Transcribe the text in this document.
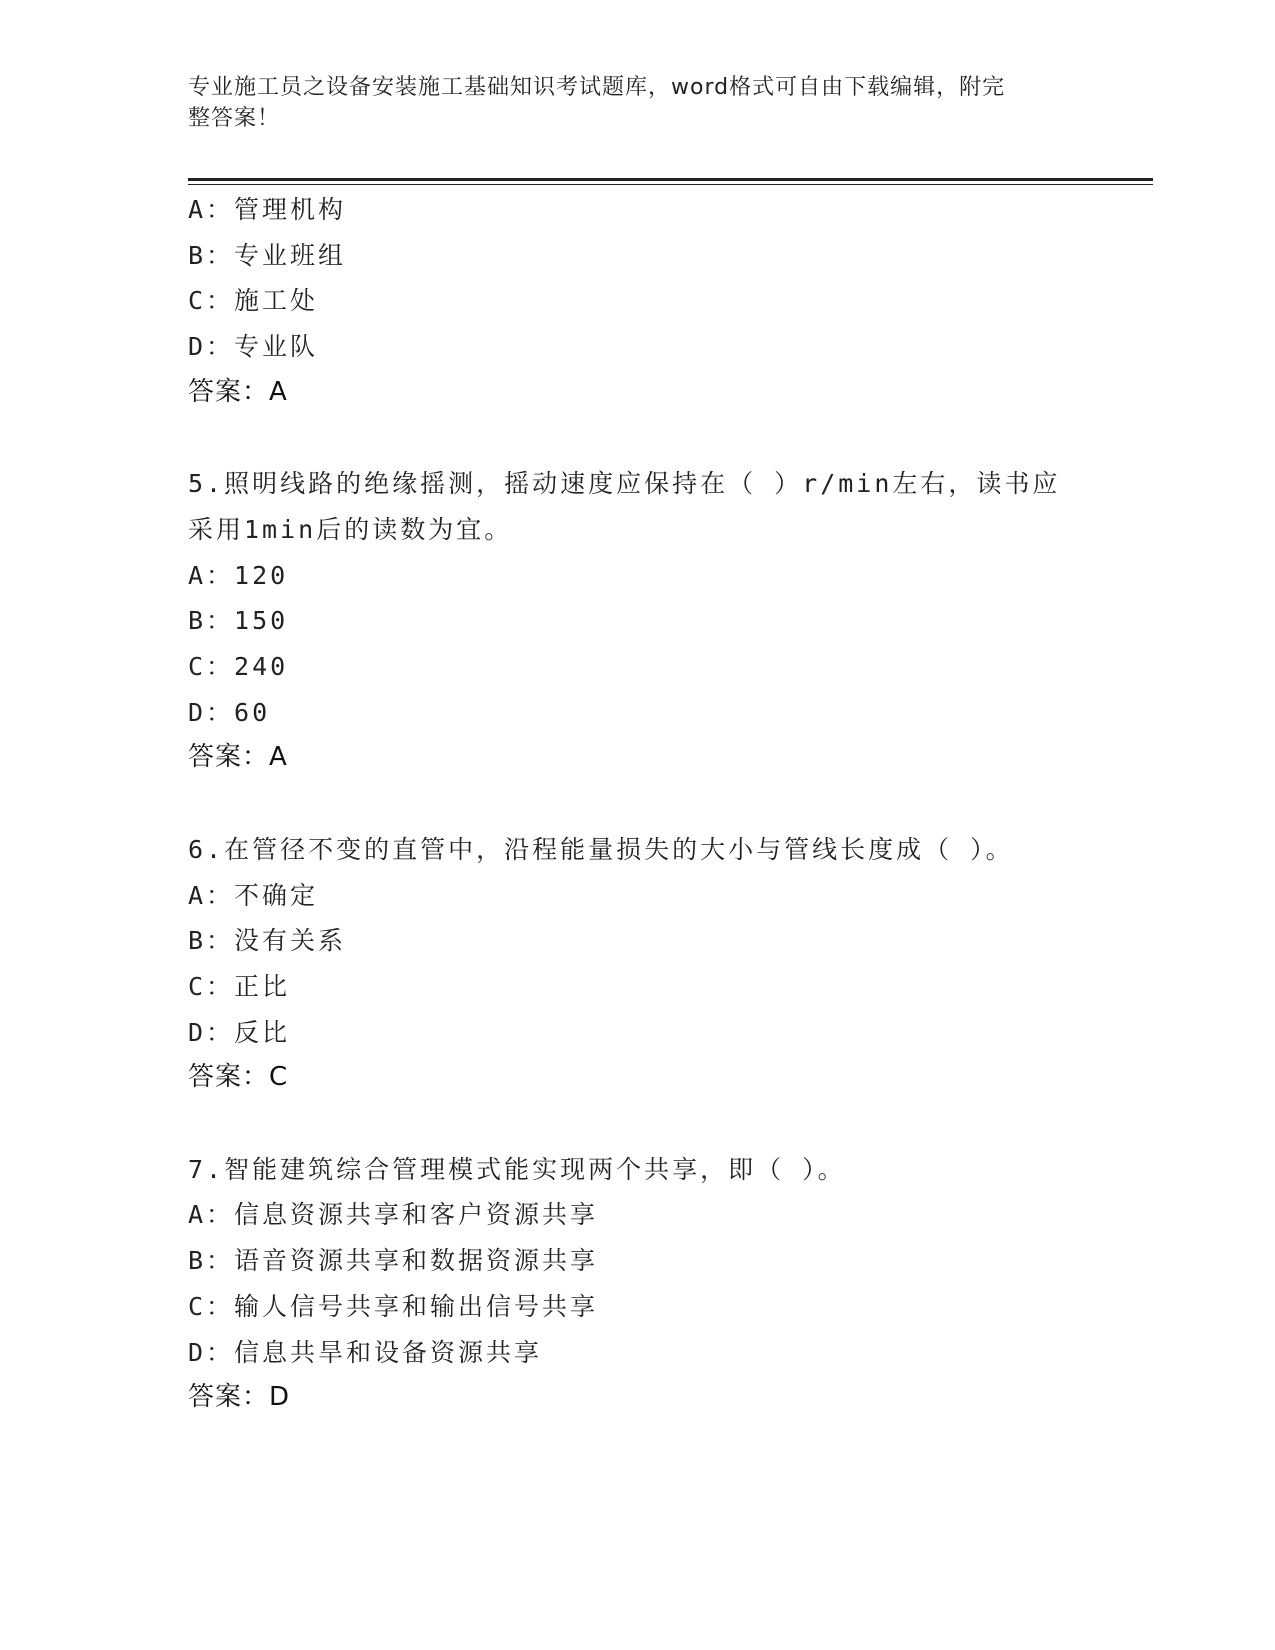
专业施工员之设备安装施工基础知识考试题库，word格式可自由下载编辑，附完
整答案！
A：管理机构
B：专业班组
C：施工处
D：专业队
答案：A
5.照明线路的绝缘摇测，摇动速度应保持在（ ）r/min左右，读书应
采用1min后的读数为宜。
A：120
B：150
C：240
D：60
答案：A
6.在管径不变的直管中，沿程能量损失的大小与管线长度成（ ）。
A：不确定
B：没有关系
C：正比
D：反比
答案：C
7.智能建筑综合管理模式能实现两个共享，即（ ）。
A：信息资源共享和客户资源共享
B：语音资源共享和数据资源共享
C：输人信号共享和输出信号共享
D：信息共旱和设备资源共享
答案：D
